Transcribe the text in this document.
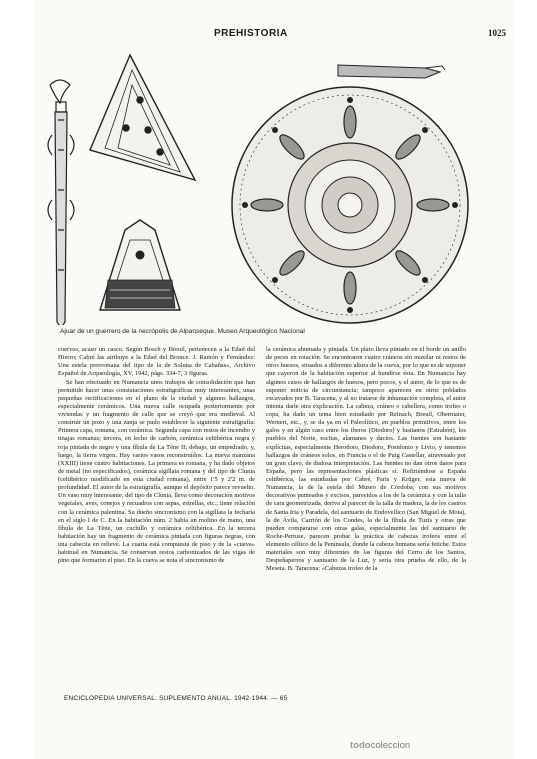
PREHISTORIA	1025
Ajuar de un guerrero de la necrópolis de Alpanseque. Museo Arqueológico Nacional

cuervos, acaso un casco. Según Bosch y Breuil, pertenecen a la Edad del Hierro; Cabré las atribuye a la Edad del Bronce. J. Ramón y Fernández: Una estela prerromana del tipo de la de Soluna de Cabañas», Archivo Español de Arqueología, XV, 1942, págs. 334-7, 3 figuras.

Se han efectuado en Numancia unos trabajos de consolidación que han permitido hacer unas constataciones estratigráficas muy interesantes, unas pequeñas rectificaciones en el plano de la ciudad y algunos hallazgos, especialmente cerámicos. Una nueva calle ocupada posteriormente por viviendas y un fragmento de calle que se creyó que era medieval. Al construir un pozo y una zanja se pudo establecer la siguiente estratigrafía: Primera capa, romana, con cerámica. Segunda capa con restos de incendio y tinajas romanas; tercera, en lecho de carbón, cerámica celtibérica negra y roja pintada de negro y una fíbula de La Tène II; debajo, un empedrado, y, luego, la tierra virgen. Hay varios vasos reconstruídos. La nueva manzana (XXIII) tiene cuatro habitaciones. La primera es romana, y ha dado objetos de metal (no especificados), cerámica sigillata romana y del tipo de Clunia (celtibérico modificado en esta ciudad romana), entre 1'5 y 2'2 m. de profundidad. El autor de la estratigrafía, aunque el depósito parece revuelto. Un vaso muy interesante, del tipo de Clunia, lleva como decoración motivos vegetales, aves, conejos y recuadros con aspas, estrellas, etc.; tiene relación con la cerámica palentina. Su dueño sincronismo con la sigillata la fecharía en el siglo I de C. En la habitación núm. 2 había un molino de mano, una fíbula de La Tène, un cuchillo y cerámica celtibérica. En la tercera habitación hay un fragmento de cerámica pintada con figuras negras, con una cabecita en relieve. La cuarta está compuesta de piso y de la «cueva» habitual en Numancia. Se conservan restos carbonizados de las vigas de pino que formaron el piso. En la cueva se nota el sincronismo de

la cerámica ahumada y pintada. Un plato lleva pintado en el borde un anillo de peces en rotación. Se encontraron cuatro cráneos sin maxilar ni restos de otros huesos, situados a diferente altura de la cueva, por lo que es de suponer que cayeron de la habitación superior al hundirse ésta. En Numancia hay algunos casos de hallazgos de huesos, pero pocos, y el autor, de lo que es de suponer noticia de circunstancia; tampoco aparecen en otros poblados excavados por B. Taracena, y al no tratarse de inhumación completa, el autor intenta darle otra explicación. La cabeza, cráneo o cabellera, como trofeo o copa, ha dado un tema bien estudiado por Reinach, Breuil, Obermaier, Wernert, etc., y, se da ya en el Paleolítico, en pueblos primitivos, entre los galos y en algún caso entre los iberos (Diodoro) y lusitanos (Estrabón), los pueblos del Norte, escitas, alamanes y dacios. Las fuentes son bastante explícitas, especialmente Herodoto, Diodoro, Posidonio y Livio, y tenemos hallazgos de cráneos solos, en Francia o el de Puig Castellar, atravesado por un gran clavo, de dudosa interpretación. Las fuentes no dan otros datos para España, pero las representaciones plásticas sí. Refiriéndose a España celtibérica, las estudiadas por Cabré, Paris y Krüger, esta nueva de Numancia, la de la estela del Museo de Córdoba, con sus motivos decorativos punteados y excisos, parecidos a los de la cerámica y con la talla de cara geometrizada, deriva al parecer de la talla de madera, la de los castros de Santa Iria y Paradela, del santuario de Endovellico (San Miguel de Mota), la de Ávila, Carrión de los Condes, la de la fíbula de Tuzis y otras que pueden compararse con otras galas, especialmente las del santuario de Roche-Pertuse, parecen probar la práctica de cabezas trofeos entre el elemento céltico de la Península, donde la cabeza humana sería fetiche. Estos materiales son muy diferentes de las figuras del Cerro de los Santos, Despeñaperros y santuario de la Luz, y sería otra prueba de ello, de la Meseta. B. Taracena: «Cabezas trofeo de la

ENCICLOPEDIA UNIVERSAL. SUPLEMENTO ANUAL. 1942-1944. — 65
todocoleccion
